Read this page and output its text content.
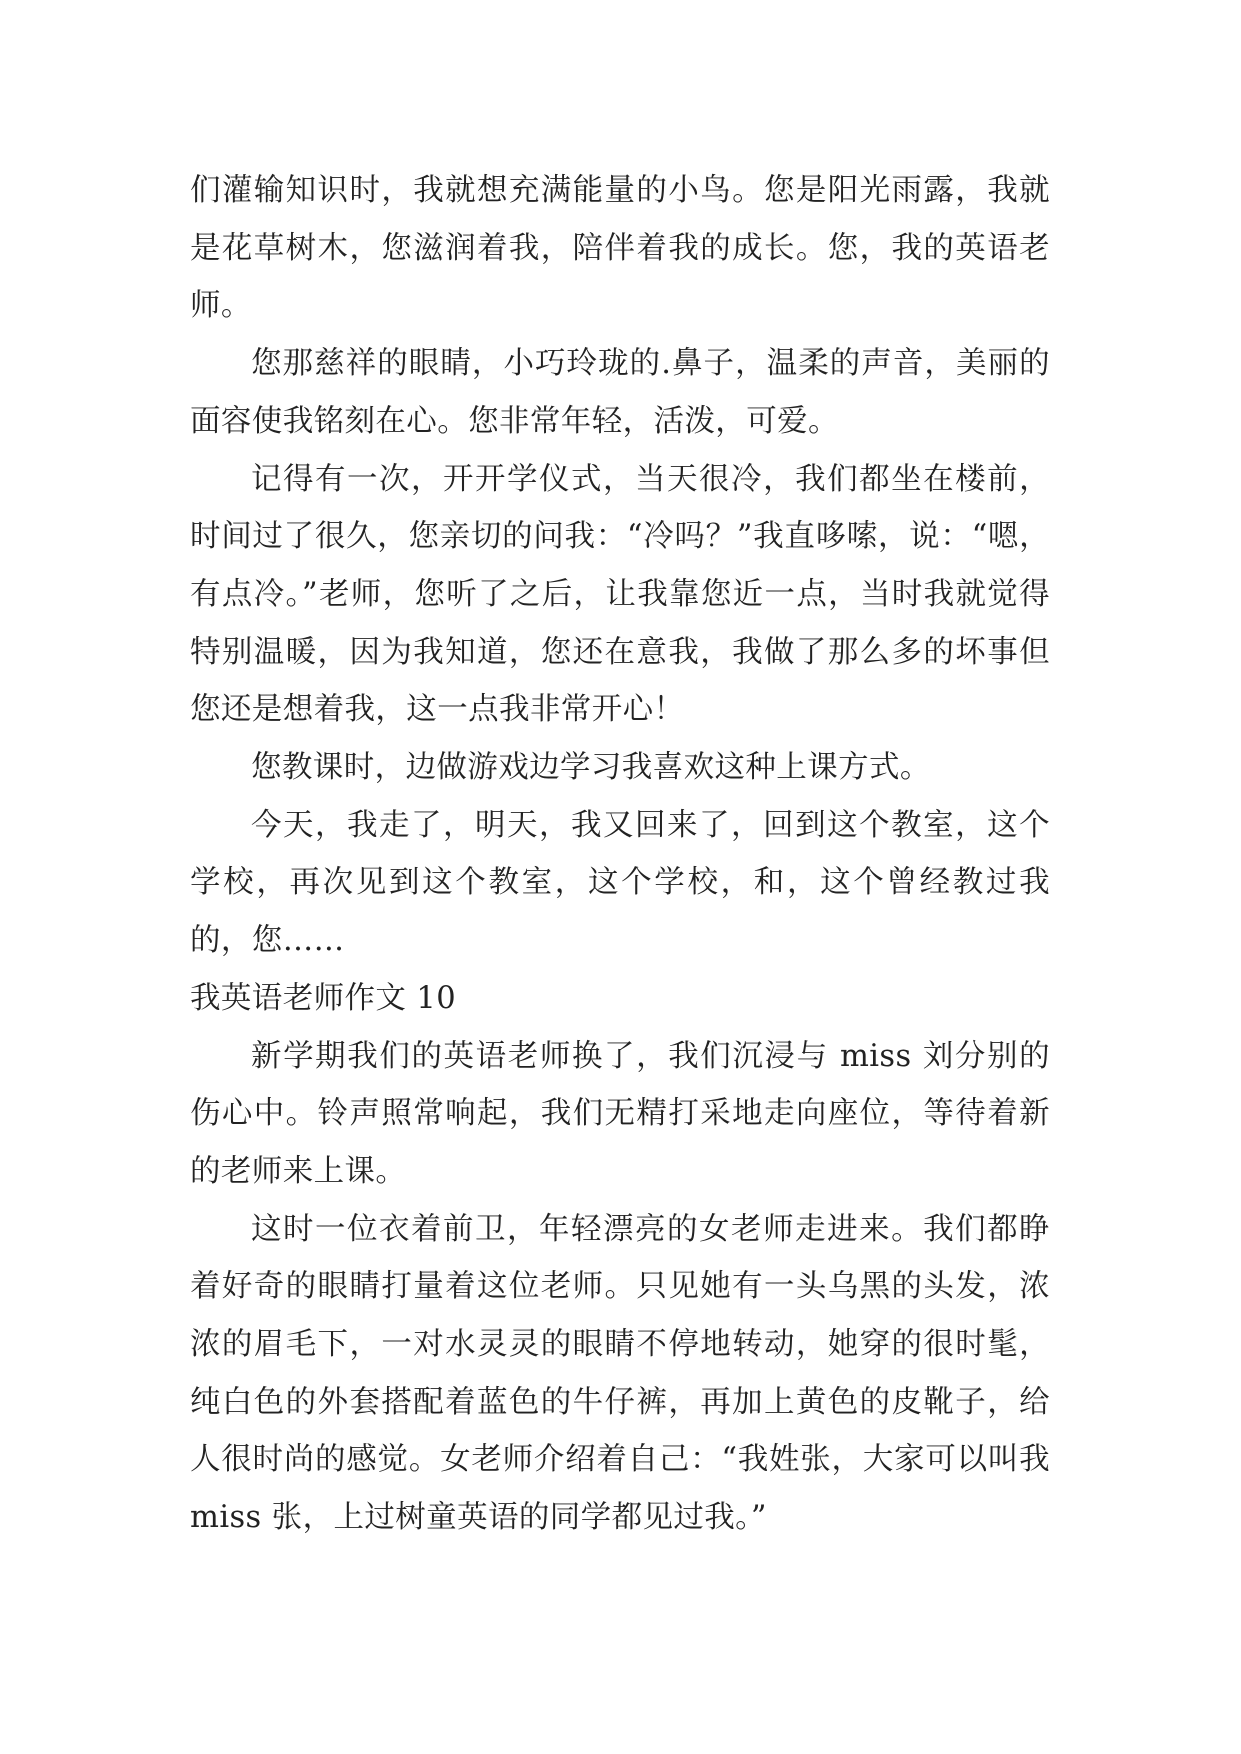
们灌输知识时，我就想充满能量的小鸟。您是阳光雨露，我就是花草树木，您滋润着我，陪伴着我的成长。您，我的英语老师。

您那慈祥的眼睛，小巧玲珑的.鼻子，温柔的声音，美丽的面容使我铭刻在心。您非常年轻，活泼，可爱。

记得有一次，开开学仪式，当天很冷，我们都坐在楼前，时间过了很久，您亲切的问我：“冷吗？”我直哆嗦，说：“嗯，有点冷。”老师，您听了之后，让我靠您近一点，当时我就觉得特别温暖，因为我知道，您还在意我，我做了那么多的坏事但您还是想着我，这一点我非常开心！

您教课时，边做游戏边学习我喜欢这种上课方式。

今天，我走了，明天，我又回来了，回到这个教室，这个学校，再次见到这个教室，这个学校，和，这个曾经教过我的，您……

我英语老师作文 10

新学期我们的英语老师换了，我们沉浸与 miss 刘分别的伤心中。铃声照常响起，我们无精打采地走向座位，等待着新的老师来上课。

这时一位衣着前卫，年轻漂亮的女老师走进来。我们都睁着好奇的眼睛打量着这位老师。只见她有一头乌黑的头发，浓浓的眉毛下，一对水灵灵的眼睛不停地转动，她穿的很时髦，纯白色的外套搭配着蓝色的牛仔裤，再加上黄色的皮靴子，给人很时尚的感觉。女老师介绍着自己：“我姓张，大家可以叫我 miss 张，上过树童英语的同学都见过我。”
